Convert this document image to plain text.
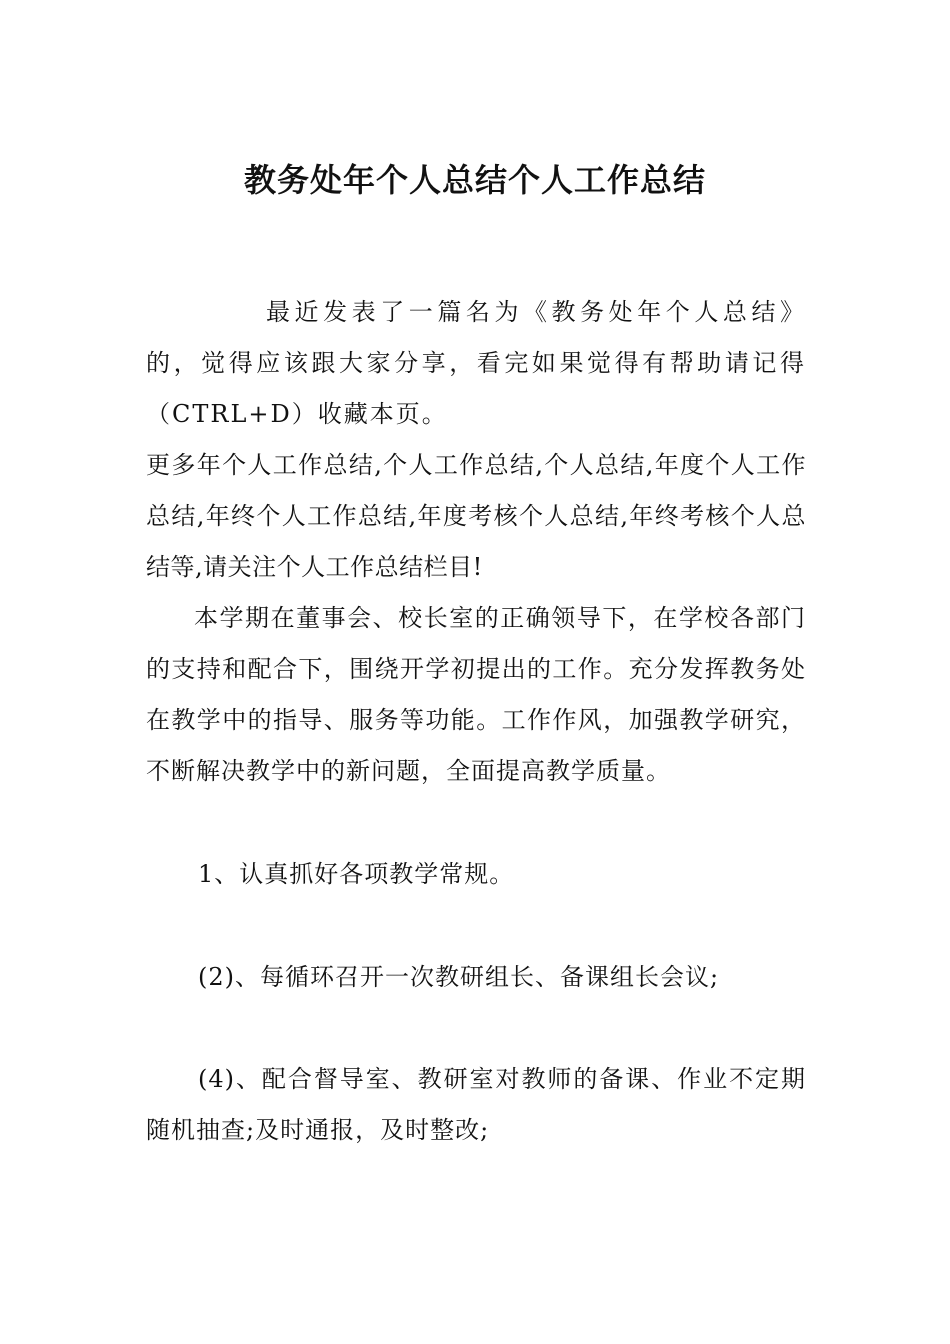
教务处年个人总结个人工作总结

最近发表了一篇名为《教务处年个人总结》的，觉得应该跟大家分享，看完如果觉得有帮助请记得（CTRL+D）收藏本页。

更多年个人工作总结,个人工作总结,个人总结,年度个人工作总结,年终个人工作总结,年度考核个人总结,年终考核个人总结等,请关注个人工作总结栏目!

本学期在董事会、校长室的正确领导下，在学校各部门的支持和配合下，围绕开学初提出的工作。充分发挥教务处在教学中的指导、服务等功能。工作作风，加强教学研究，不断解决教学中的新问题，全面提高教学质量。

1、认真抓好各项教学常规。

(2)、每循环召开一次教研组长、备课组长会议;

(4)、配合督导室、教研室对教师的备课、作业不定期随机抽查;及时通报，及时整改;
